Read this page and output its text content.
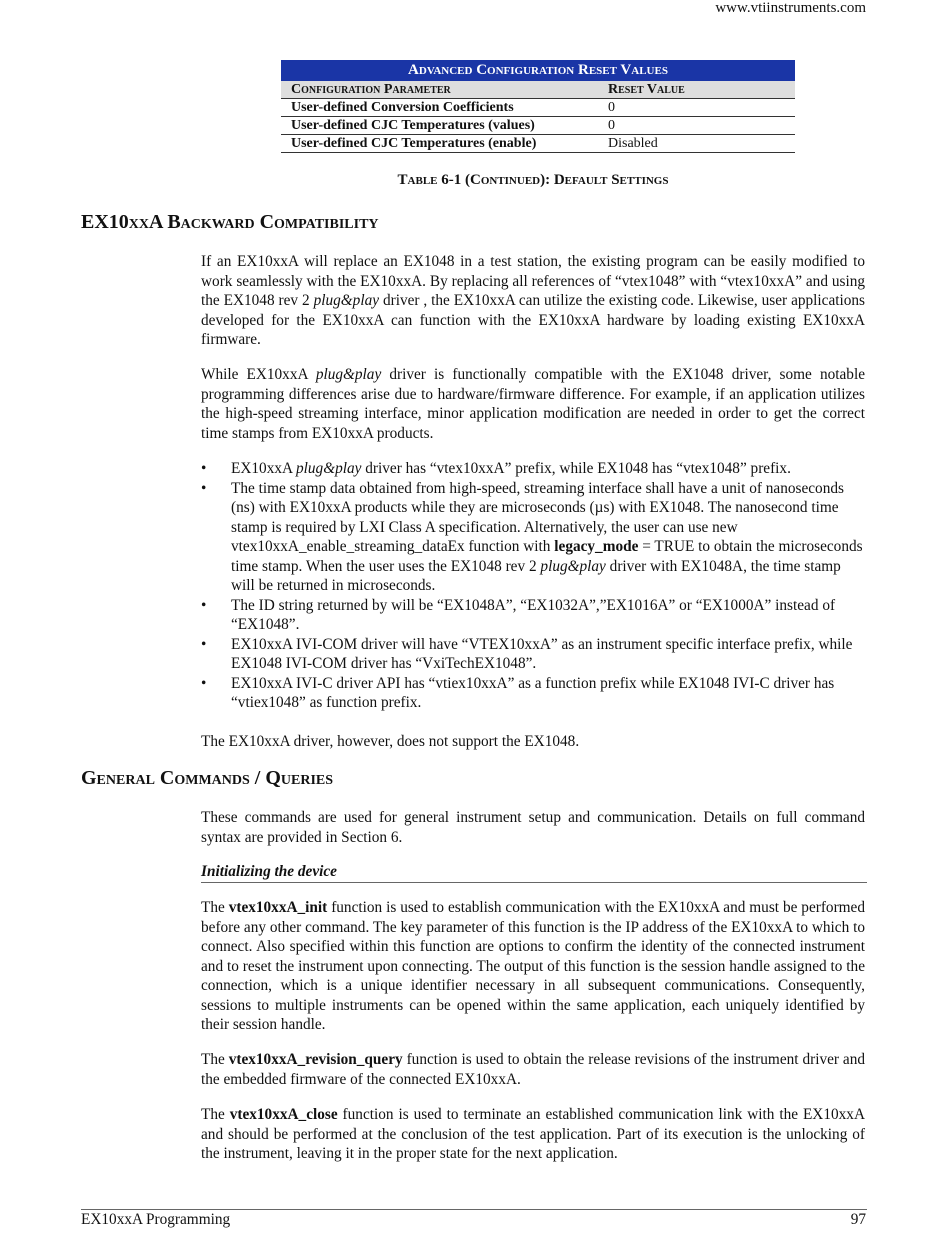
www.vtiinstruments.com
Advanced Configuration Reset Values	
Configuration Parameter	Reset Value
User-defined Conversion Coefficients	0
User-defined CJC Temperatures (values)	0
User-defined CJC Temperatures (enable)	Disabled
Table 6-1 (Continued): Default Settings
EX10xxA Backward Compatibility

If an EX10xxA will replace an EX1048 in a test station, the existing program can be easily modified to work seamlessly with the EX10xxA. By replacing all references of “vtex1048” with “vtex10xxA” and using the EX1048 rev 2 plug&play driver , the EX10xxA can utilize the existing code. Likewise, user applications developed for the EX10xxA can function with the EX10xxA hardware by loading existing EX10xxA firmware.

While EX10xxA plug&play driver is functionally compatible with the EX1048 driver, some notable programming differences arise due to hardware/firmware difference. For example, if an application utilizes the high-speed streaming interface, minor application modification are needed in order to get the correct time stamps from EX10xxA products.

• EX10xxA plug&play driver has “vtex10xxA” prefix, while EX1048 has “vtex1048” prefix.
• The time stamp data obtained from high-speed, streaming interface shall have a unit of nanoseconds (ns) with EX10xxA products while they are microseconds (µs) with EX1048. The nanosecond time stamp is required by LXI Class A specification. Alternatively, the user can use new vtex10xxA_enable_streaming_dataEx function with legacy_mode = TRUE to obtain the microseconds time stamp. When the user uses the EX1048 rev 2 plug&play driver with EX1048A, the time stamp will be returned in microseconds.
• The ID string returned by will be “EX1048A”, “EX1032A”,”EX1016A” or “EX1000A” instead of “EX1048”.
• EX10xxA IVI-COM driver will have “VTEX10xxA” as an instrument specific interface prefix, while EX1048 IVI-COM driver has “VxiTechEX1048”.
• EX10xxA IVI-C driver API has “vtiex10xxA” as a function prefix while EX1048 IVI-C driver has “vtiex1048” as function prefix.

The EX10xxA driver, however, does not support the EX1048.

General Commands / Queries

These commands are used for general instrument setup and communication. Details on full command syntax are provided in Section 6.

Initializing the device

The vtex10xxA_init function is used to establish communication with the EX10xxA and must be performed before any other command. The key parameter of this function is the IP address of the EX10xxA to which to connect. Also specified within this function are options to confirm the identity of the connected instrument and to reset the instrument upon connecting. The output of this function is the session handle assigned to the connection, which is a unique identifier necessary in all subsequent communications. Consequently, sessions to multiple instruments can be opened within the same application, each uniquely identified by their session handle.

The vtex10xxA_revision_query function is used to obtain the release revisions of the instrument driver and the embedded firmware of the connected EX10xxA.

The vtex10xxA_close function is used to terminate an established communication link with the EX10xxA and should be performed at the conclusion of the test application. Part of its execution is the unlocking of the instrument, leaving it in the proper state for the next application.

EX10xxA Programming	97
